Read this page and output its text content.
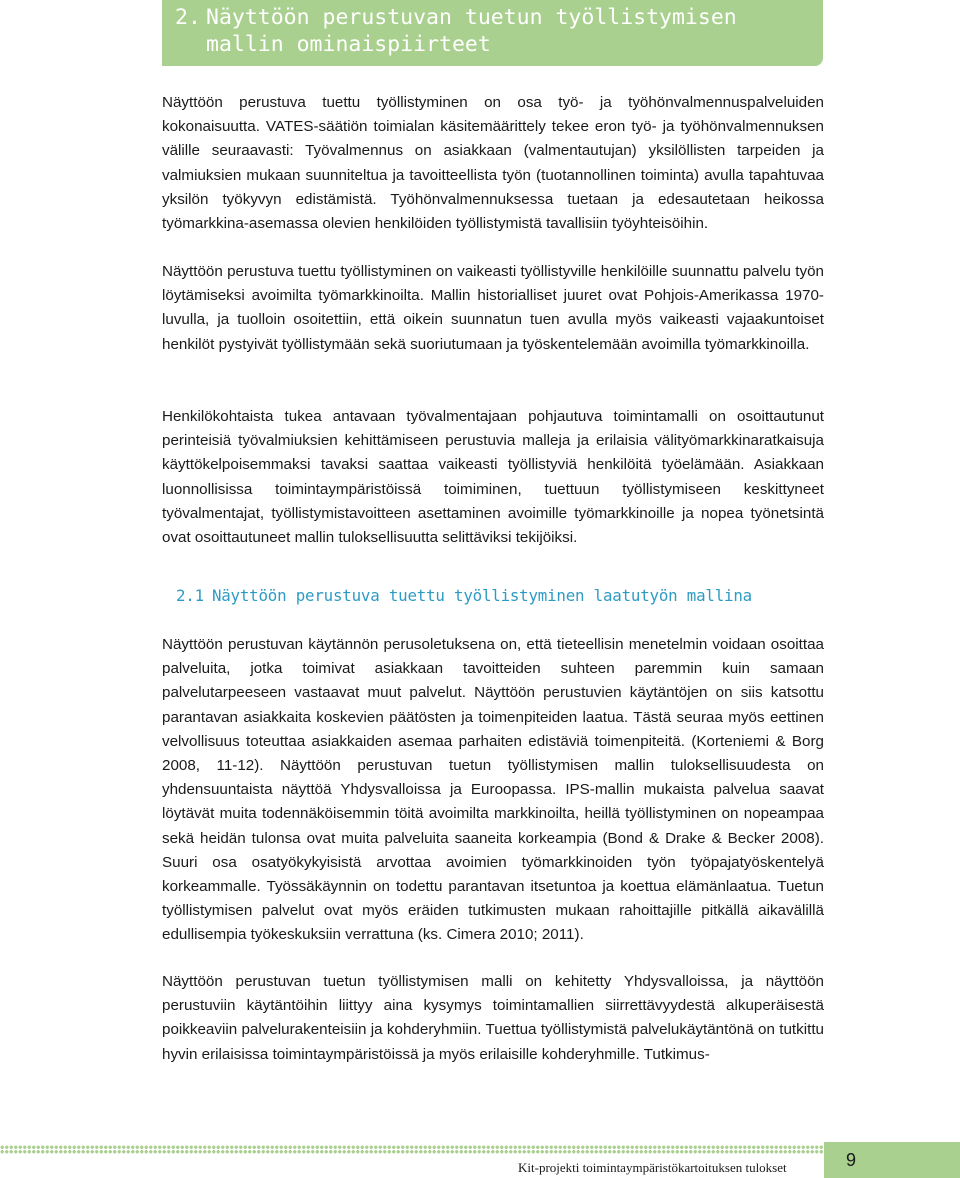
2. Näyttöön perustuvan tuetun työllistymisen mallin ominaispiirteet

Näyttöön perustuva tuettu työllistyminen on osa työ- ja työhönvalmennuspalveluiden kokonaisuutta. VATES-säätiön toimialan käsitemäärittely tekee eron työ- ja työhönvalmennuksen välille seuraavasti: Työvalmennus on asiakkaan (valmentautujan) yksilöllisten tarpeiden ja valmiuksien mukaan suunniteltua ja tavoitteellista työn (tuotannollinen toiminta) avulla tapahtuvaa yksilön työkyvyn edistämistä. Työhönvalmennuksessa tuetaan ja edesautetaan heikossa työmarkkina-asemassa olevien henkilöiden työllistymistä tavallisiin työyhteisöihin.

Näyttöön perustuva tuettu työllistyminen on vaikeasti työllistyville henkilöille suunnattu palvelu työn löytämiseksi avoimilta työmarkkinoilta. Mallin historialliset juuret ovat Pohjois-Amerikassa 1970-luvulla, ja tuolloin osoitettiin, että oikein suunnatun tuen avulla myös vaikeasti vajaakuntoiset henkilöt pystyivät työllistymään sekä suoriutumaan ja työskentelemään avoimilla työmarkkinoilla.

Henkilökohtaista tukea antavaan työvalmentajaan pohjautuva toimintamalli on osoittautunut perinteisiä työvalmiuksien kehittämiseen perustuvia malleja ja erilaisia välityömarkkinaratkaisuja käyttökelpoisemmaksi tavaksi saattaa vaikeasti työllistyviä henkilöitä työelämään. Asiakkaan luonnollisissa toimintaympäristöissä toimiminen, tuettuun työllistymiseen keskittyneet työvalmentajat, työllistymistavoitteen asettaminen avoimille työmarkkinoille ja nopea työnetsintä ovat osoittautuneet mallin tuloksellisuutta selittäviksi tekijöiksi.

2.1 Näyttöön perustuva tuettu työllistyminen laatutyön mallina

Näyttöön perustuvan käytännön perusoletuksena on, että tieteellisin menetelmin voidaan osoittaa palveluita, jotka toimivat asiakkaan tavoitteiden suhteen paremmin kuin samaan palvelutarpeeseen vastaavat muut palvelut. Näyttöön perustuvien käytäntöjen on siis katsottu parantavan asiakkaita koskevien päätösten ja toimenpiteiden laatua. Tästä seuraa myös eettinen velvollisuus toteuttaa asiakkaiden asemaa parhaiten edistäviä toimenpiteitä. (Korteniemi & Borg 2008, 11-12). Näyttöön perustuvan tuetun työllistymisen mallin tuloksellisuudesta on yhdensuuntaista näyttöä Yhdysvalloissa ja Euroopassa. IPS-mallin mukaista palvelua saavat löytävät muita todennäköisemmin töitä avoimilta markkinoilta, heillä työllistyminen on nopeampaa sekä heidän tulonsa ovat muita palveluita saaneita korkeampia (Bond & Drake & Becker 2008). Suuri osa osatyökykyisistä arvottaa avoimien työmarkkinoiden työn työpajatyöskentelyä korkeammalle. Työssäkäynnin on todettu parantavan itsetuntoa ja koettua elämänlaatua. Tuetun työllistymisen palvelut ovat myös eräiden tutkimusten mukaan rahoittajille pitkällä aikavälillä edullisempia työkeskuksiin verrattuna (ks. Cimera 2010; 2011).

Näyttöön perustuvan tuetun työllistymisen malli on kehitetty Yhdysvalloissa, ja näyttöön perustuviin käytäntöihin liittyy aina kysymys toimintamallien siirrettävyydestä alkuperäisestä poikkeaviin palvelurakenteisiin ja kohderyhmiin. Tuettua työllistymistä palvelukäytäntönä on tutkittu hyvin erilaisissa toimintaympäristöissä ja myös erilaisille kohderyhmille. Tutkimus-

9
Kit-projekti toimintaympäristökartoituksen tulokset
